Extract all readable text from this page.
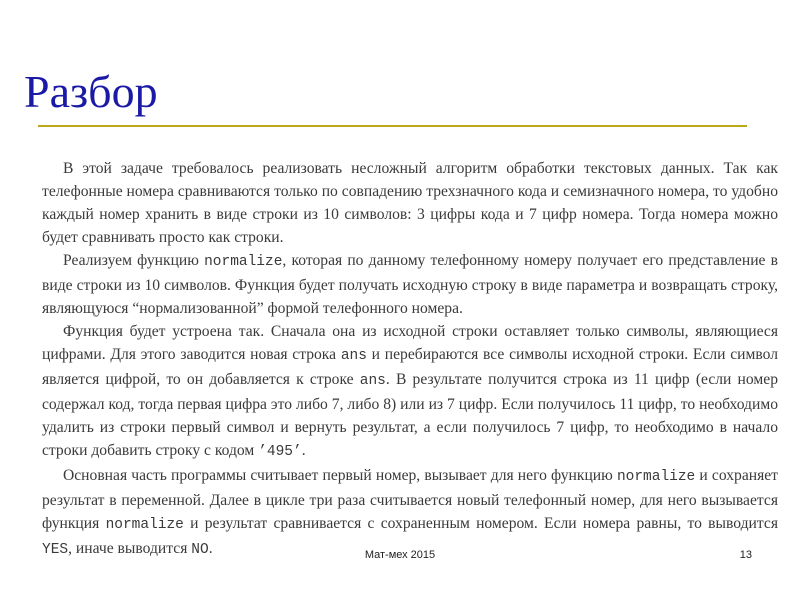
Разбор

В этой задаче требовалось реализовать несложный алгоритм обработки текстовых данных. Так как телефонные номера сравниваются только по совпадению трехзначного кода и семизначного номера, то удобно каждый номер хранить в виде строки из 10 символов: 3 цифры кода и 7 цифр номера. Тогда номера можно будет сравнивать просто как строки.

Реализуем функцию normalize, которая по данному телефонному номеру получает его представление в виде строки из 10 символов. Функция будет получать исходную строку в виде параметра и возвращать строку, являющуюся “нормализованной” формой телефонного номера.

Функция будет устроена так. Сначала она из исходной строки оставляет только символы, являющиеся цифрами. Для этого заводится новая строка ans и перебираются все символы исходной строки. Если символ является цифрой, то он добавляется к строке ans. В результате получится строка из 11 цифр (если номер содержал код, тогда первая цифра это либо 7, либо 8) или из 7 цифр. Если получилось 11 цифр, то необходимо удалить из строки первый символ и вернуть результат, а если получилось 7 цифр, то необходимо в начало строки добавить строку с кодом ’495’.

Основная часть программы считывает первый номер, вызывает для него функцию normalize и сохраняет результат в переменной. Далее в цикле три раза считывается новый телефонный номер, для него вызывается функция normalize и результат сравнивается с сохраненным номером. Если номера равны, то выводится YES, иначе выводится NO.	Мат-мех 2015	13
